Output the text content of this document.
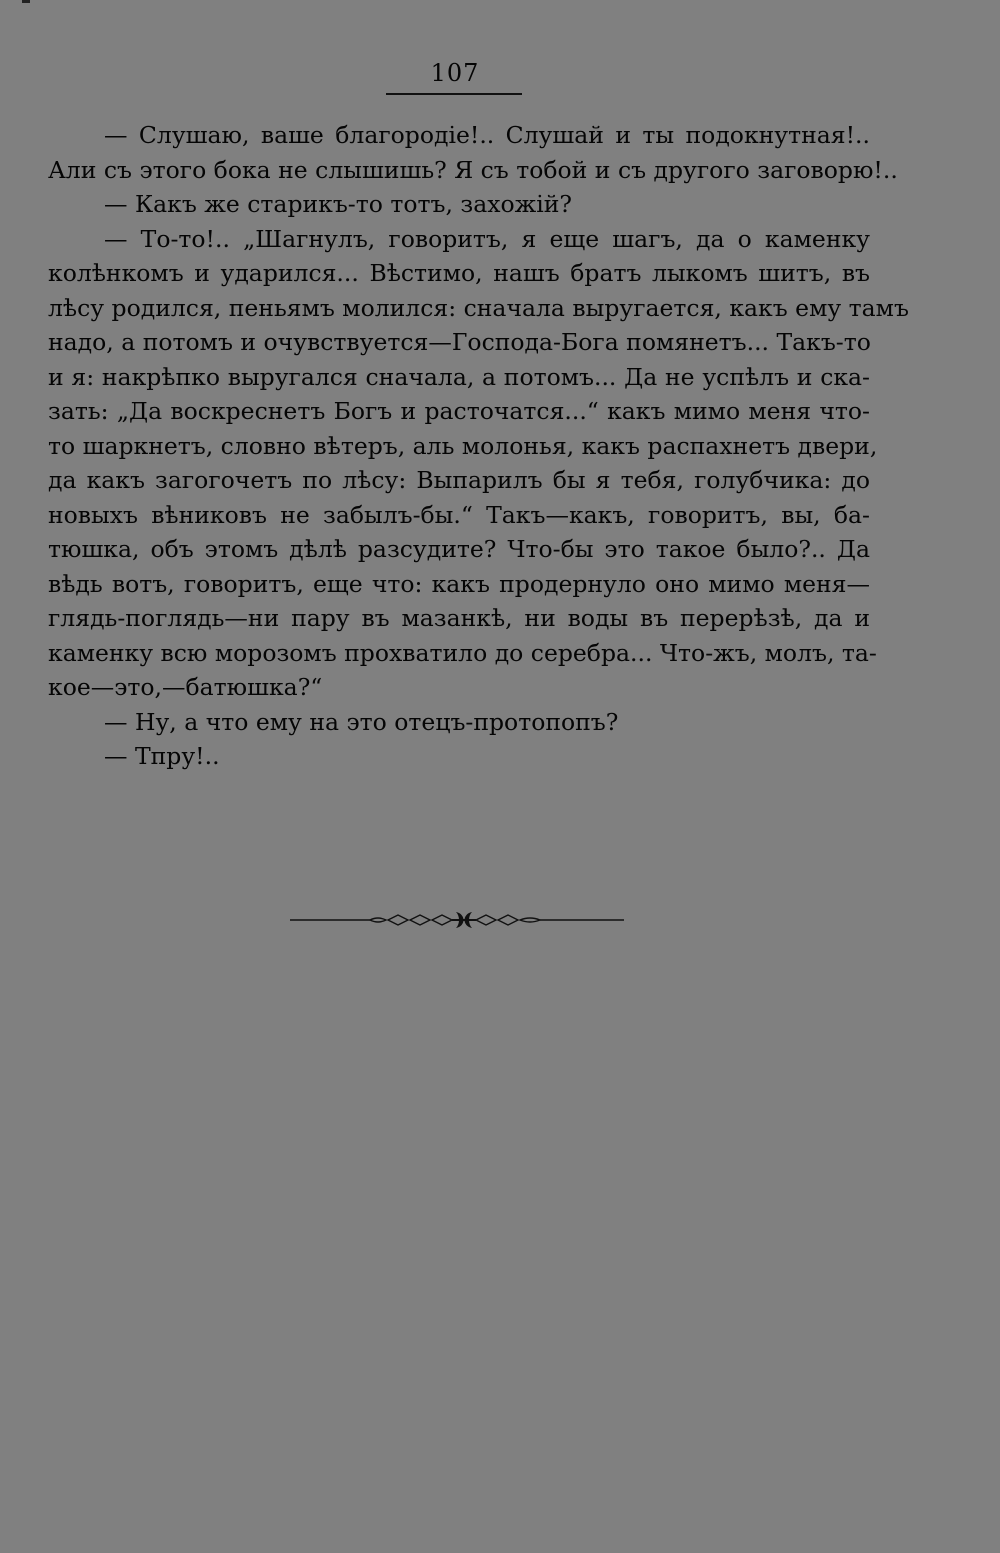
107
— Слушаю, ваше благородіе!.. Слушай и ты подокнутная!..
Али съ этого бока не слышишь? Я съ тобой и съ другого заговорю!..
— Какъ же старикъ-то тотъ, захожій?
— То-то!.. „Шагнулъ, говоритъ, я еще шагъ, да о каменку
колѣнкомъ и ударился... Вѣстимо, нашъ братъ лыкомъ шитъ, въ
лѣсу родился, пеньямъ молился: сначала выругается, какъ ему тамъ
надо, а потомъ и очувствуется—Господа-Бога помянетъ... Такъ-то
и я: накрѣпко выругался сначала, а потомъ... Да не успѣлъ и ска-
зать: „Да воскреснетъ Богъ и расточатся...“ какъ мимо меня что-
то шаркнетъ, словно вѣтеръ, аль молонья, какъ распахнетъ двери,
да какъ загогочетъ по лѣсу: Выпарилъ бы я тебя, голубчика: до
новыхъ вѣниковъ не забылъ-бы.“ Такъ—какъ, говоритъ, вы, ба-
тюшка, объ этомъ дѣлѣ разсудите? Что-бы это такое было?.. Да
вѣдь вотъ, говоритъ, еще что: какъ продернуло оно мимо меня—
глядь-поглядь—ни пару въ мазанкѣ, ни воды въ перерѣзѣ, да и
каменку всю морозомъ прохватило до серебра... Что-жъ, молъ, та-
кое—это,—батюшка?“
— Ну, а что ему на это отецъ-протопопъ?
— Тпру!..
